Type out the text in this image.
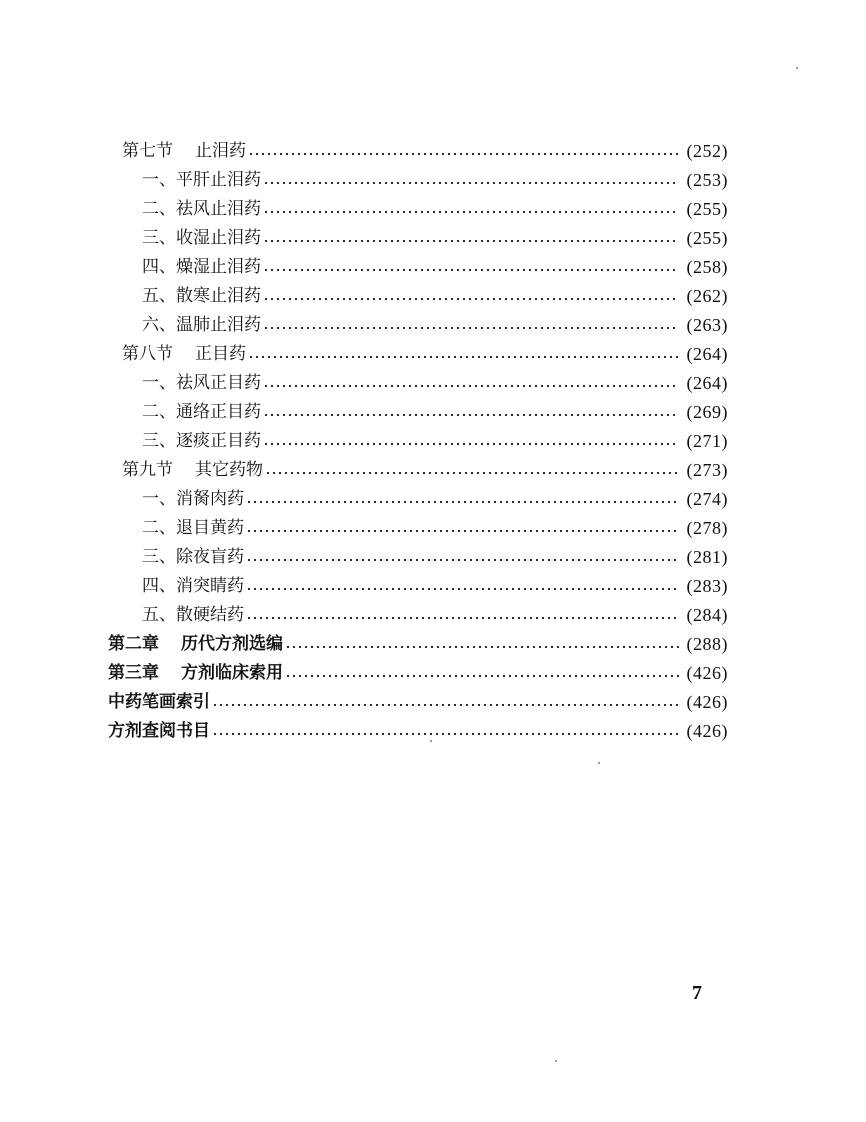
第七节 止泪药	(252)
一、平肝止泪药	(253)
二、祛风止泪药	(255)
三、收湿止泪药	(255)
四、燥湿止泪药	(258)
五、散寒止泪药	(262)
六、温肺止泪药	(263)
第八节 正目药	(264)
一、祛风正目药	(264)
二、通络正目药	(269)
三、逐痰正目药	(271)
第九节 其它药物	(273)
一、消胬肉药	(274)
二、退目黄药	(278)
三、除夜盲药	(281)
四、消突睛药	(283)
五、散硬结药	(284)
第二章 历代方剂选编	(288)
第三章 方剂临床索用	(426)
中药笔画索引	(426)
方剂查阅书目	(426)
7
